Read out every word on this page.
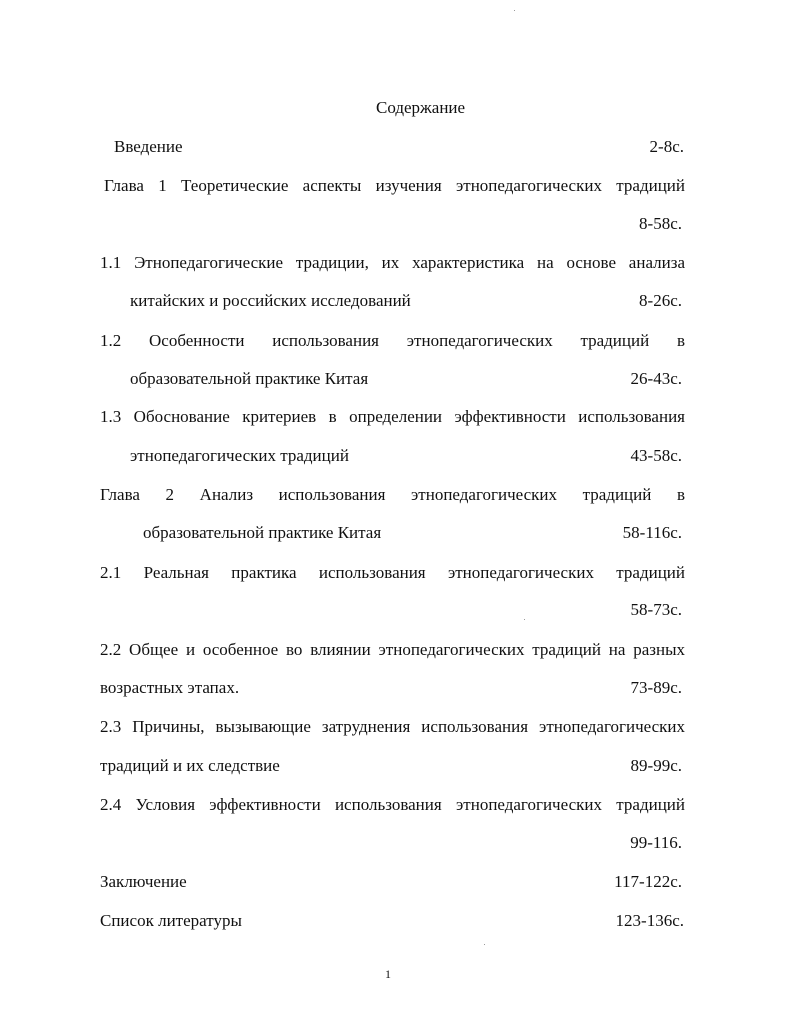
Содержание
Введение	2-8с.
Глава 1 Теоретические аспекты изучения этнопедагогических традиций
8-58с.
1.1 Этнопедагогические традиции, их характеристика на основе анализа
китайских и российских исследований	8-26с.
1.2 Особенности использования этнопедагогических традиций в
образовательной практике Китая	26-43с.
1.3 Обоснование критериев в определении эффективности использования
этнопедагогических традиций	43-58с.
Глава 2 Анализ использования этнопедагогических традиций в
образовательной практике Китая	58-116с.
2.1 Реальная практика использования этнопедагогических традиций
58-73с.
2.2 Общее и особенное во влиянии этнопедагогических традиций на разных
возрастных этапах.	73-89с.
2.3 Причины, вызывающие затруднения использования этнопедагогических
традиций и их следствие	89-99с.
2.4 Условия эффективности использования этнопедагогических традиций
99-116.
Заключение	117-122с.
Список литературы	123-136с.
1
